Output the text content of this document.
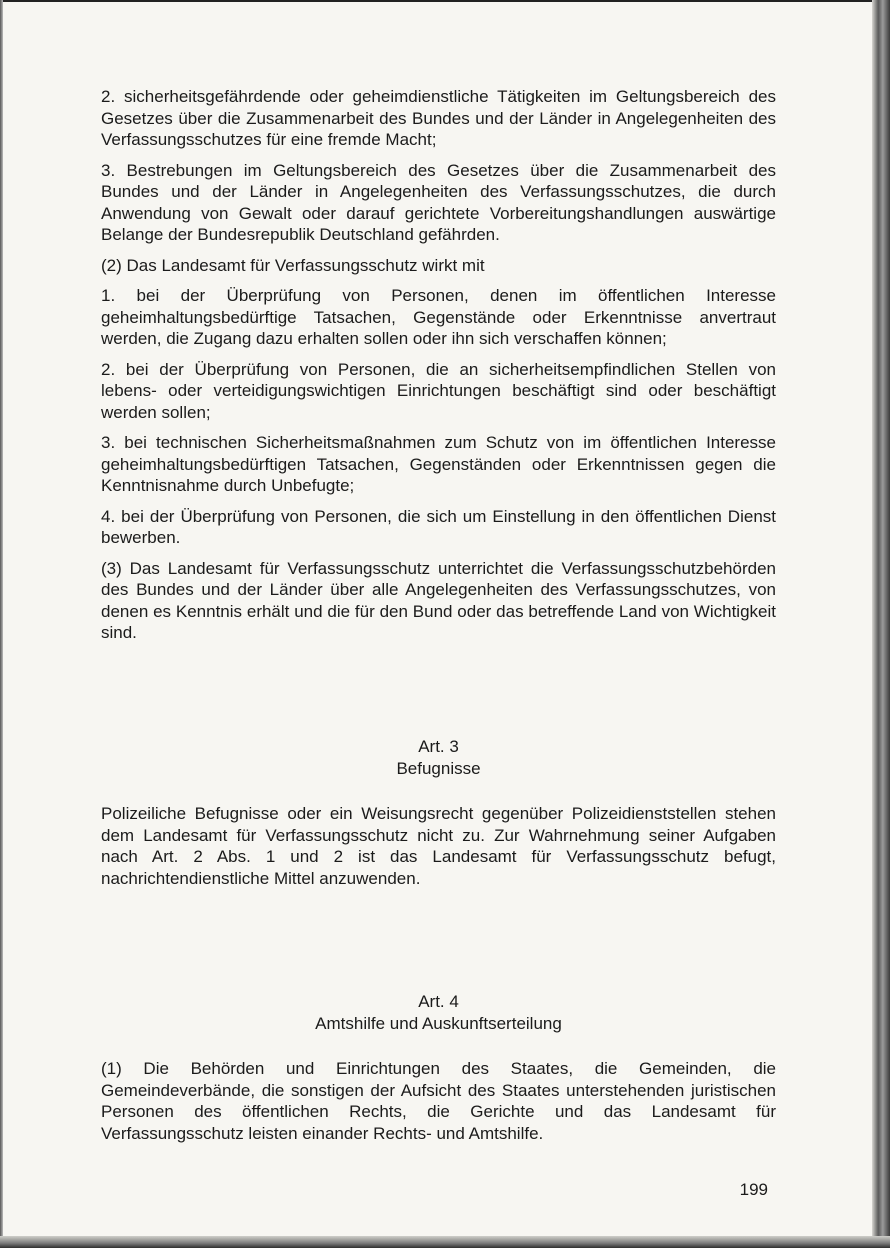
2. sicherheitsgefährdende oder geheimdienstliche Tätigkeiten im Geltungsbereich des Gesetzes über die Zusammenarbeit des Bundes und der Länder in Angelegenheiten des Verfassungsschutzes für eine fremde Macht;

3. Bestrebungen im Geltungsbereich des Gesetzes über die Zusammenarbeit des Bundes und der Länder in Angelegenheiten des Verfassungsschutzes, die durch Anwendung von Gewalt oder darauf gerichtete Vorbereitungshandlungen auswärtige Belange der Bundesrepublik Deutschland gefährden.

(2) Das Landesamt für Verfassungsschutz wirkt mit

1. bei der Überprüfung von Personen, denen im öffentlichen Interesse geheimhaltungsbedürftige Tatsachen, Gegenstände oder Erkenntnisse anvertraut werden, die Zugang dazu erhalten sollen oder ihn sich verschaffen können;

2. bei der Überprüfung von Personen, die an sicherheitsempfindlichen Stellen von lebens- oder verteidigungswichtigen Einrichtungen beschäftigt sind oder beschäftigt werden sollen;

3. bei technischen Sicherheitsmaßnahmen zum Schutz von im öffentlichen Interesse geheimhaltungsbedürftigen Tatsachen, Gegenständen oder Erkenntnissen gegen die Kenntnisnahme durch Unbefugte;

4. bei der Überprüfung von Personen, die sich um Einstellung in den öffentlichen Dienst bewerben.

(3) Das Landesamt für Verfassungsschutz unterrichtet die Verfassungsschutzbehörden des Bundes und der Länder über alle Angelegenheiten des Verfassungsschutzes, von denen es Kenntnis erhält und die für den Bund oder das betreffende Land von Wichtigkeit sind.

Art. 3

Befugnisse

Polizeiliche Befugnisse oder ein Weisungsrecht gegenüber Polizeidienststellen stehen dem Landesamt für Verfassungsschutz nicht zu. Zur Wahrnehmung seiner Aufgaben nach Art. 2 Abs. 1 und 2 ist das Landesamt für Verfassungsschutz befugt, nachrichtendienstliche Mittel anzuwenden.

Art. 4

Amtshilfe und Auskunftserteilung

(1) Die Behörden und Einrichtungen des Staates, die Gemeinden, die Gemeindeverbände, die sonstigen der Aufsicht des Staates unterstehenden juristischen Personen des öffentlichen Rechts, die Gerichte und das Landesamt für Verfassungsschutz leisten einander Rechts- und Amtshilfe.

199
